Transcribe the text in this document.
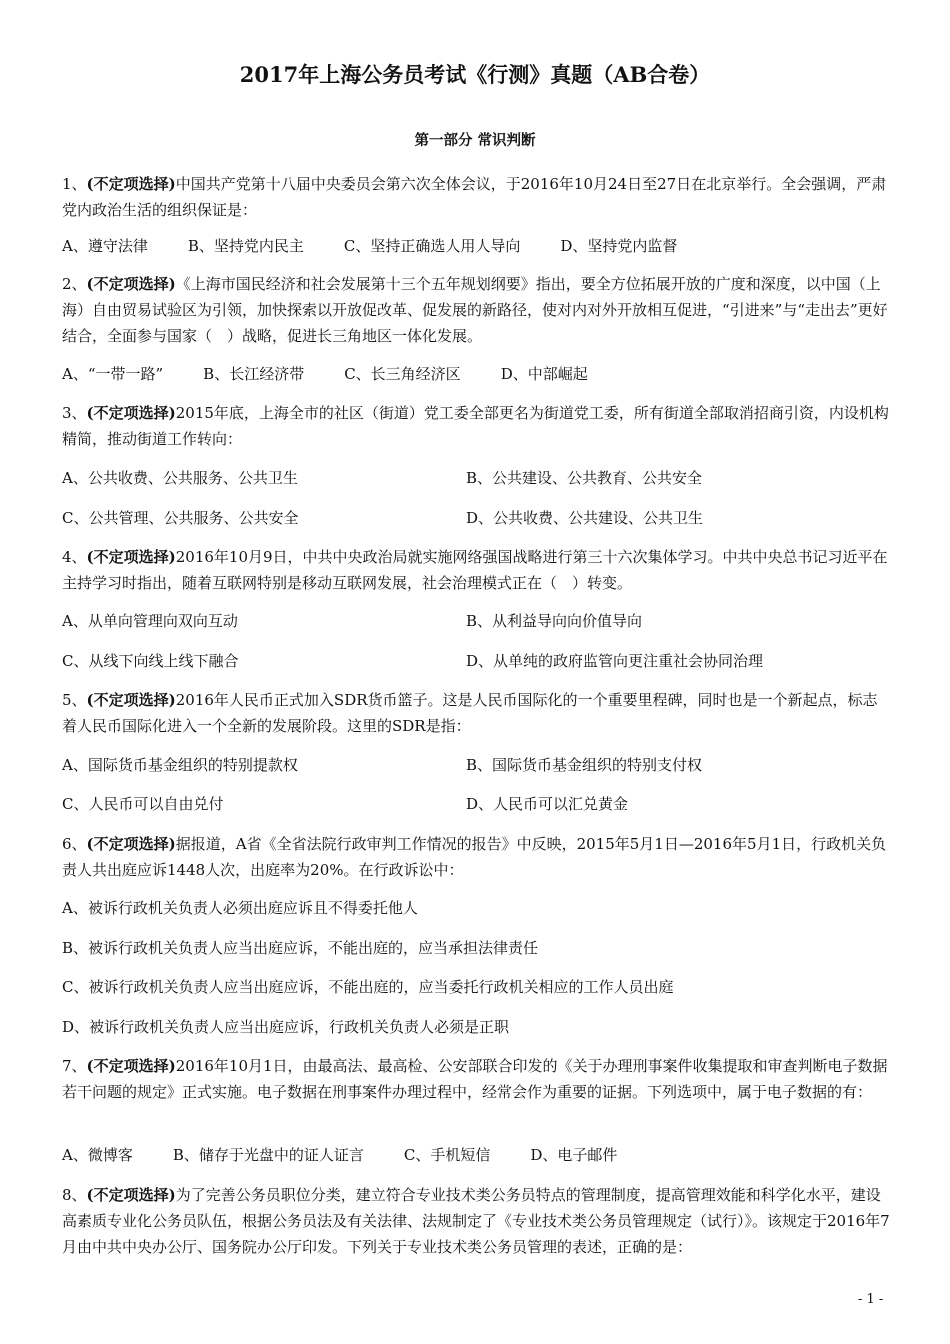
2017年上海公务员考试《行测》真题（AB合卷）
第一部分 常识判断

1、(不定项选择)中国共产党第十八届中央委员会第六次全体会议，于2016年10月24日至27日在北京举行。全会强调，严肃党内政治生活的组织保证是：

A、遵守法律	B、坚持党内民主	C、坚持正确选人用人导向	D、坚持党内监督

2、(不定项选择)《上海市国民经济和社会发展第十三个五年规划纲要》指出，要全方位拓展开放的广度和深度，以中国（上海）自由贸易试验区为引领，加快探索以开放促改革、促发展的新路径，使对内对外开放相互促进，“引进来”与“走出去”更好结合，全面参与国家（　）战略，促进长三角地区一体化发展。

A、“一带一路”	B、长江经济带	C、长三角经济区	D、中部崛起

3、(不定项选择)2015年底，上海全市的社区（街道）党工委全部更名为街道党工委，所有街道全部取消招商引资，内设机构精简，推动街道工作转向：

A、公共收费、公共服务、公共卫生	B、公共建设、公共教育、公共安全
C、公共管理、公共服务、公共安全	D、公共收费、公共建设、公共卫生

4、(不定项选择)2016年10月9日，中共中央政治局就实施网络强国战略进行第三十六次集体学习。中共中央总书记习近平在主持学习时指出，随着互联网特别是移动互联网发展，社会治理模式正在（　）转变。

A、从单向管理向双向互动	B、从利益导向向价值导向
C、从线下向线上线下融合	D、从单纯的政府监管向更注重社会协同治理

5、(不定项选择)2016年人民币正式加入SDR货币篮子。这是人民币国际化的一个重要里程碑，同时也是一个新起点，标志着人民币国际化进入一个全新的发展阶段。这里的SDR是指：

A、国际货币基金组织的特别提款权	B、国际货币基金组织的特别支付权
C、人民币可以自由兑付	D、人民币可以汇兑黄金

6、(不定项选择)据报道，A省《全省法院行政审判工作情况的报告》中反映，2015年5月1日—2016年5月1日，行政机关负责人共出庭应诉1448人次，出庭率为20%。在行政诉讼中：

A、被诉行政机关负责人必须出庭应诉且不得委托他人
B、被诉行政机关负责人应当出庭应诉，不能出庭的，应当承担法律责任
C、被诉行政机关负责人应当出庭应诉，不能出庭的，应当委托行政机关相应的工作人员出庭
D、被诉行政机关负责人应当出庭应诉，行政机关负责人必须是正职

7、(不定项选择)2016年10月1日，由最高法、最高检、公安部联合印发的《关于办理刑事案件收集提取和审查判断电子数据若干问题的规定》正式实施。电子数据在刑事案件办理过程中，经常会作为重要的证据。下列选项中，属于电子数据的有：

A、微博客	B、储存于光盘中的证人证言	C、手机短信	D、电子邮件

8、(不定项选择)为了完善公务员职位分类，建立符合专业技术类公务员特点的管理制度，提高管理效能和科学化水平，建设高素质专业化公务员队伍，根据公务员法及有关法律、法规制定了《专业技术类公务员管理规定（试行）》。该规定于2016年7月由中共中央办公厅、国务院办公厅印发。下列关于专业技术类公务员管理的表述，正确的是：

- 1 -
